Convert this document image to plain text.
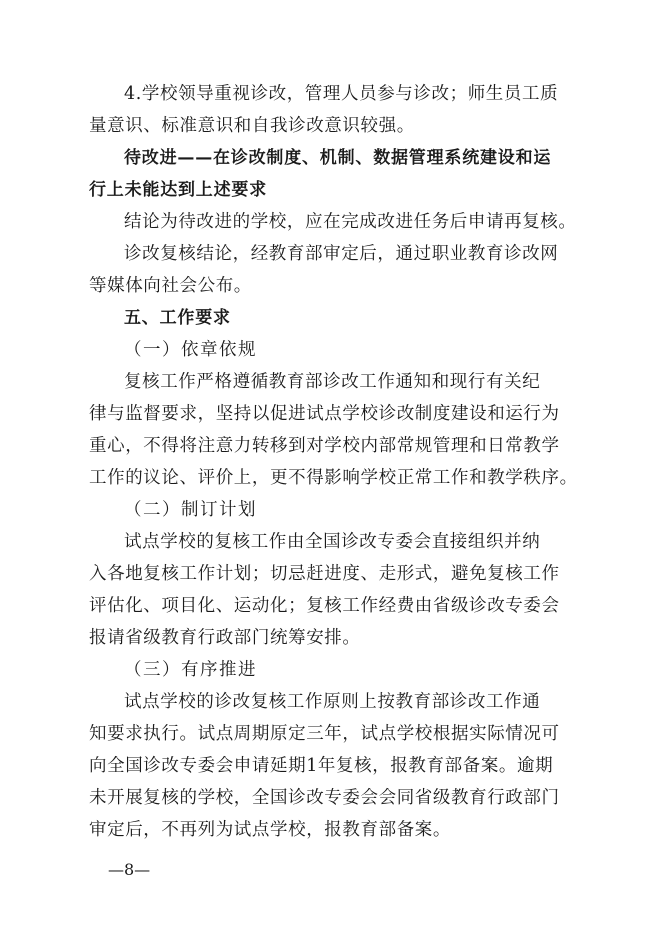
4.学校领导重视诊改，管理人员参与诊改；师生员工质
量意识、标准意识和自我诊改意识较强。
待改进——在诊改制度、机制、数据管理系统建设和运
行上未能达到上述要求
结论为待改进的学校，应在完成改进任务后申请再复核。
诊改复核结论，经教育部审定后，通过职业教育诊改网
等媒体向社会公布。
五、工作要求
（一）依章依规
复核工作严格遵循教育部诊改工作通知和现行有关纪
律与监督要求，坚持以促进试点学校诊改制度建设和运行为
重心，不得将注意力转移到对学校内部常规管理和日常教学
工作的议论、评价上，更不得影响学校正常工作和教学秩序。
（二）制订计划
试点学校的复核工作由全国诊改专委会直接组织并纳
入各地复核工作计划；切忌赶进度、走形式，避免复核工作
评估化、项目化、运动化；复核工作经费由省级诊改专委会
报请省级教育行政部门统筹安排。
（三）有序推进
试点学校的诊改复核工作原则上按教育部诊改工作通
知要求执行。试点周期原定三年，试点学校根据实际情况可
向全国诊改专委会申请延期1年复核，报教育部备案。逾期
未开展复核的学校，全国诊改专委会会同省级教育行政部门
审定后，不再列为试点学校，报教育部备案。
—8—
